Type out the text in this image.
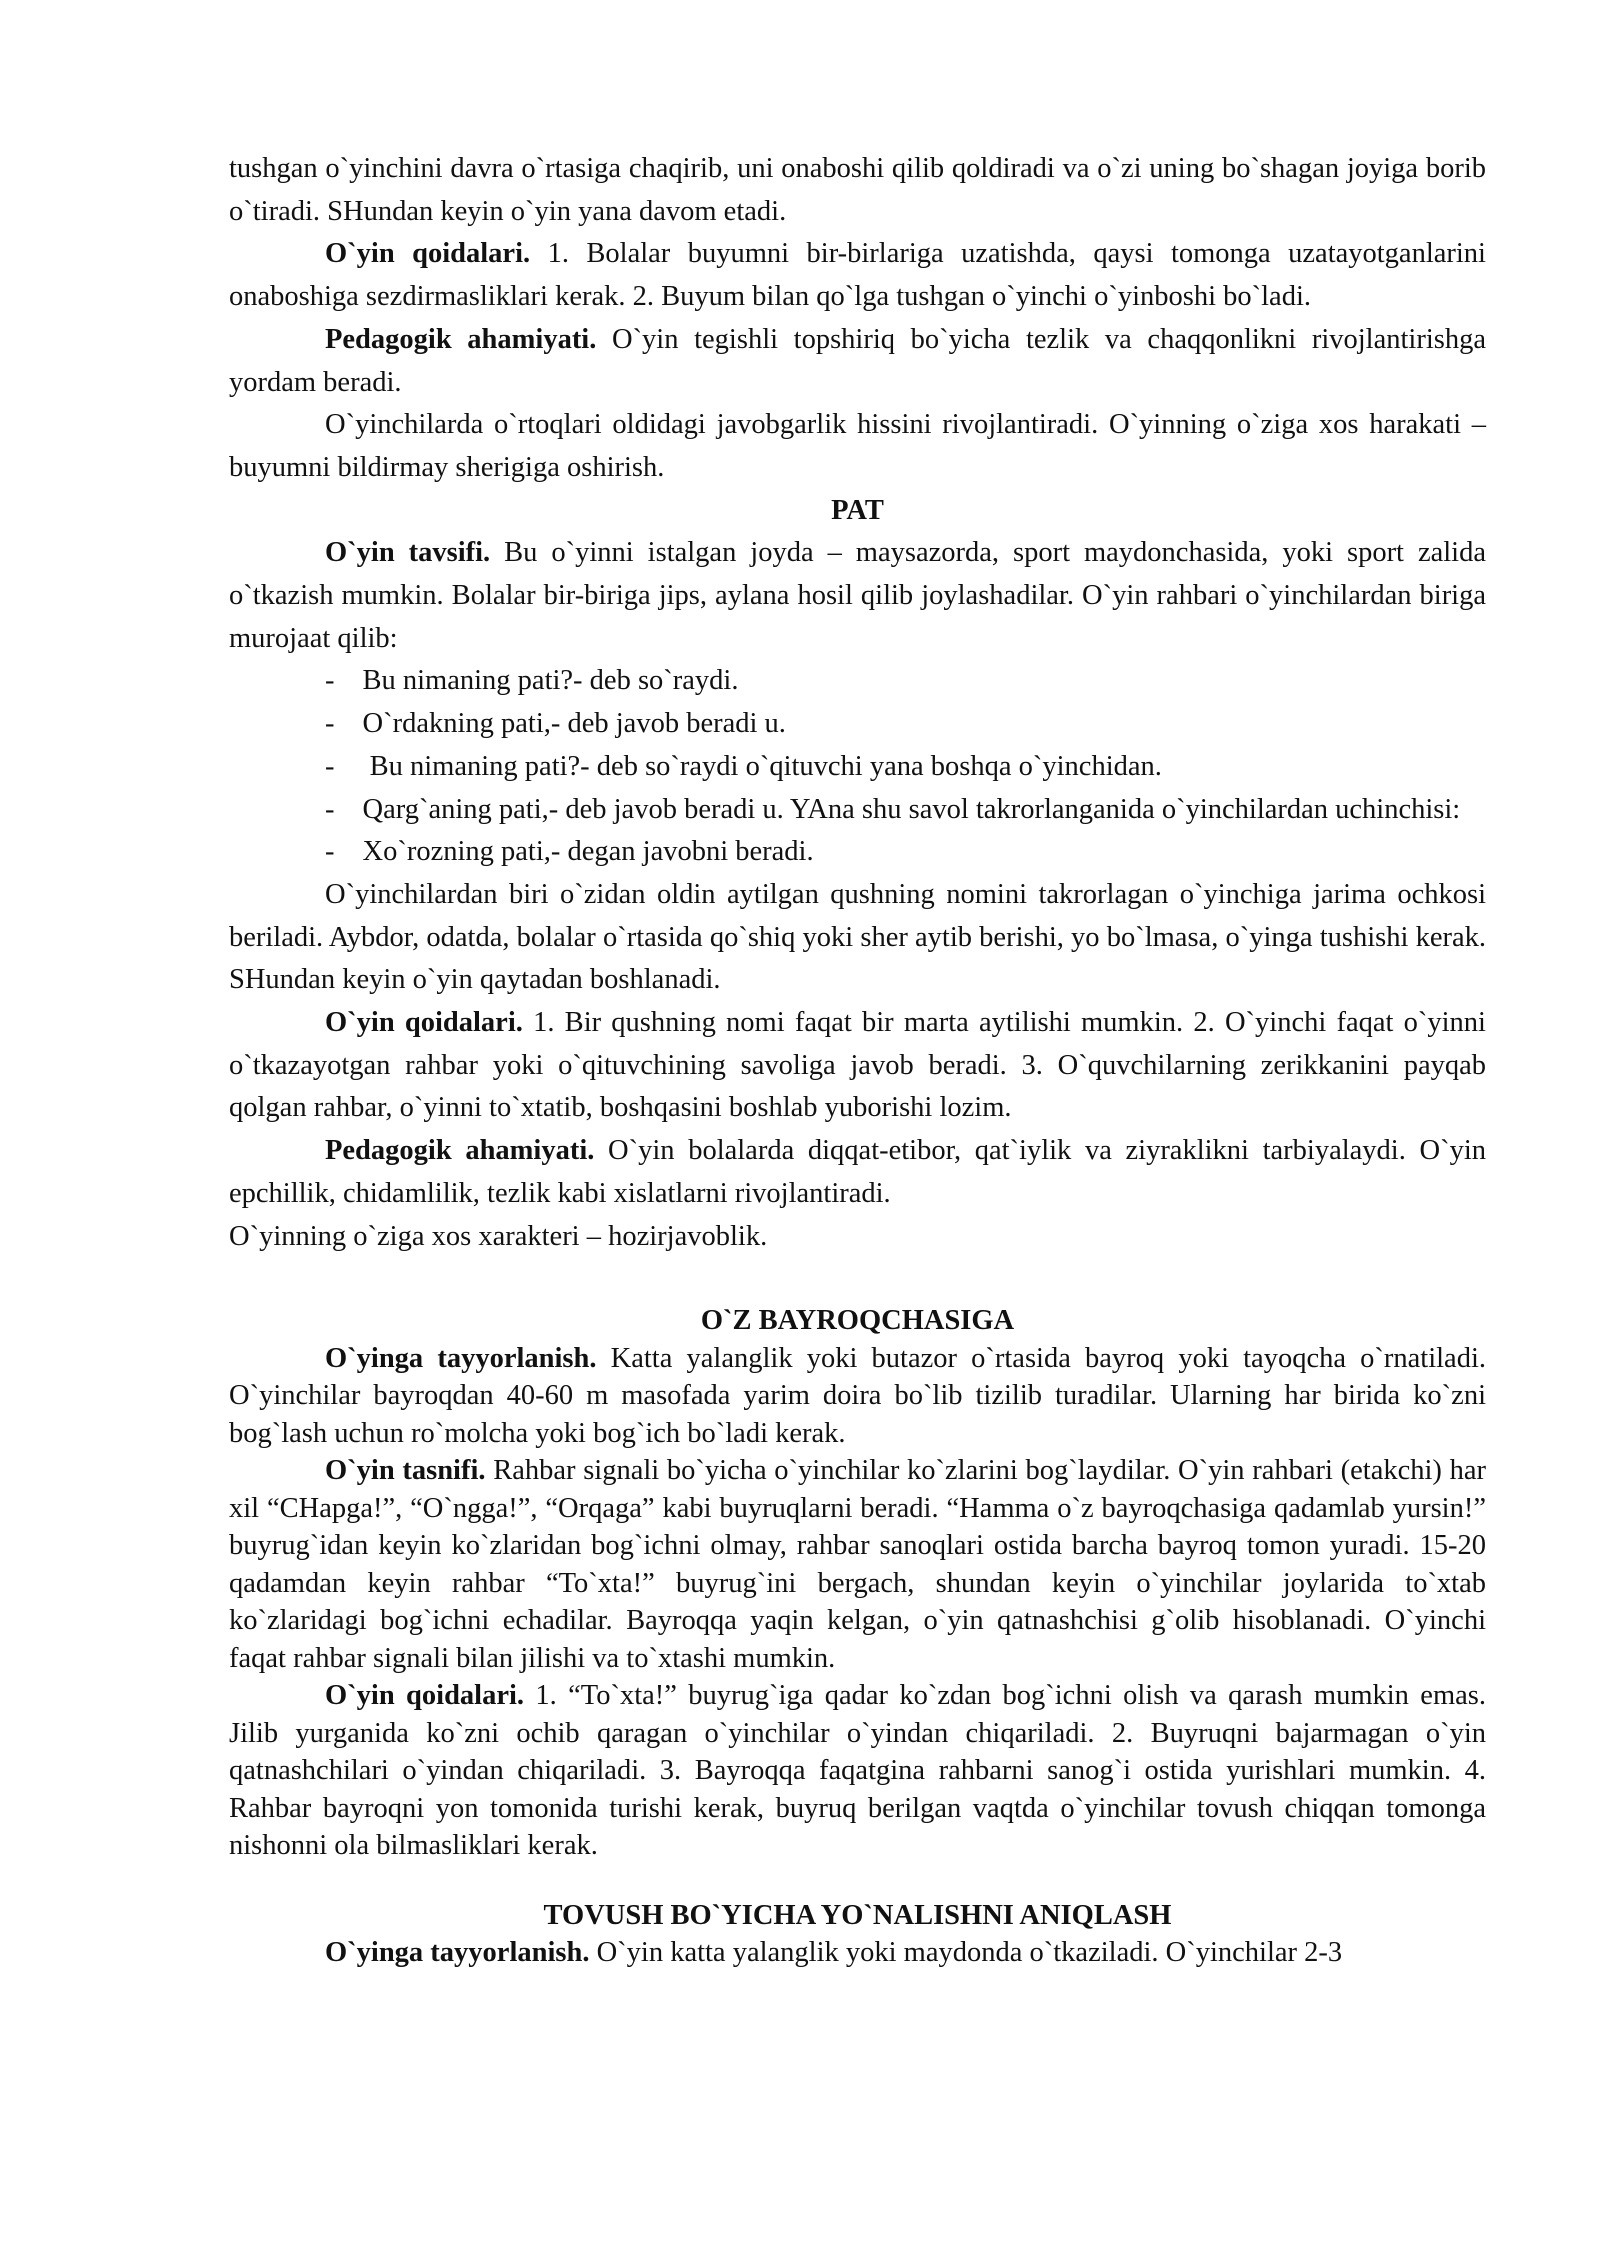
tushgan o`yinchini davra o`rtasiga chaqirib, uni onaboshi qilib qoldiradi va o`zi uning bo`shagan joyiga borib o`tiradi. SHundan keyin o`yin yana davom etadi.

O`yin qoidalari. 1. Bolalar buyumni bir-birlariga uzatishda, qaysi tomonga uzatayotganlarini onaboshiga sezdirmasliklari kerak. 2. Buyum bilan qo`lga tushgan o`yinchi o`yinboshi bo`ladi.

Pedagogik ahamiyati. O`yin tegishli topshiriq bo`yicha tezlik va chaqqonlikni rivojlantirishga yordam beradi.

O`yinchilarda o`rtoqlari oldidagi javobgarlik hissini rivojlantiradi. O`yinning o`ziga xos harakati – buyumni bildirmay sherigiga oshirish.

PAT

O`yin tavsifi. Bu o`yinni istalgan joyda – maysazorda, sport maydonchasida, yoki sport zalida o`tkazish mumkin. Bolalar bir-biriga jips, aylana hosil qilib joylashadilar. O`yin rahbari o`yinchilardan biriga murojaat qilib:

- Bu nimaning pati?- deb so`raydi.
- O`rdakning pati,- deb javob beradi u.
- Bu nimaning pati?- deb so`raydi o`qituvchi yana boshqa o`yinchidan.

- Qarg`aning pati,- deb javob beradi u. YAna shu savol takrorlanganida o`yinchilardan uchinchisi:

- Xo`rozning pati,- degan javobni beradi.

O`yinchilardan biri o`zidan oldin aytilgan qushning nomini takrorlagan o`yinchiga jarima ochkosi beriladi. Aybdor, odatda, bolalar o`rtasida qo`shiq yoki sher aytib berishi, yo bo`lmasa, o`yinga tushishi kerak. SHundan keyin o`yin qaytadan boshlanadi.

O`yin qoidalari. 1. Bir qushning nomi faqat bir marta aytilishi mumkin. 2. O`yinchi faqat o`yinni o`tkazayotgan rahbar yoki o`qituvchining savoliga javob beradi. 3. O`quvchilarning zerikkanini payqab qolgan rahbar, o`yinni to`xtatib, boshqasini boshlab yuborishi lozim.

Pedagogik ahamiyati. O`yin bolalarda diqqat-etibor, qat`iylik va ziyraklikni tarbiyalaydi. O`yin epchillik, chidamlilik, tezlik kabi xislatlarni rivojlantiradi.

O`yinning o`ziga xos xarakteri – hozirjavoblik.

O`Z BAYROQCHASIGA

O`yinga tayyorlanish. Katta yalanglik yoki butazor o`rtasida bayroq yoki tayoqcha o`rnatiladi. O`yinchilar bayroqdan 40-60 m masofada yarim doira bo`lib tizilib turadilar. Ularning har birida ko`zni bog`lash uchun ro`molcha yoki bog`ich bo`ladi kerak.

O`yin tasnifi. Rahbar signali bo`yicha o`yinchilar ko`zlarini bog`laydilar. O`yin rahbari (etakchi) har xil “CHapga!”, “O`ngga!”, “Orqaga” kabi buyruqlarni beradi. “Hamma o`z bayroqchasiga qadamlab yursin!” buyrug`idan keyin ko`zlaridan bog`ichni olmay, rahbar sanoqlari ostida barcha bayroq tomon yuradi. 15-20 qadamdan keyin rahbar “To`xta!” buyrug`ini bergach, shundan keyin o`yinchilar joylarida to`xtab ko`zlaridagi bog`ichni echadilar. Bayroqqa yaqin kelgan, o`yin qatnashchisi g`olib hisoblanadi. O`yinchi faqat rahbar signali bilan jilishi va to`xtashi mumkin.

O`yin qoidalari. 1. “To`xta!” buyrug`iga qadar ko`zdan bog`ichni olish va qarash mumkin emas. Jilib yurganida ko`zni ochib qaragan o`yinchilar o`yindan chiqariladi. 2. Buyruqni bajarmagan o`yin qatnashchilari o`yindan chiqariladi. 3. Bayroqqa faqatgina rahbarni sanog`i ostida yurishlari mumkin. 4. Rahbar bayroqni yon tomonida turishi kerak, buyruq berilgan vaqtda o`yinchilar tovush chiqqan tomonga nishonni ola bilmasliklari kerak.

TOVUSH BO`YICHA YO`NALISHNI ANIQLASH

O`yinga tayyorlanish. O`yin katta yalanglik yoki maydonda o`tkaziladi. O`yinchilar 2-3
